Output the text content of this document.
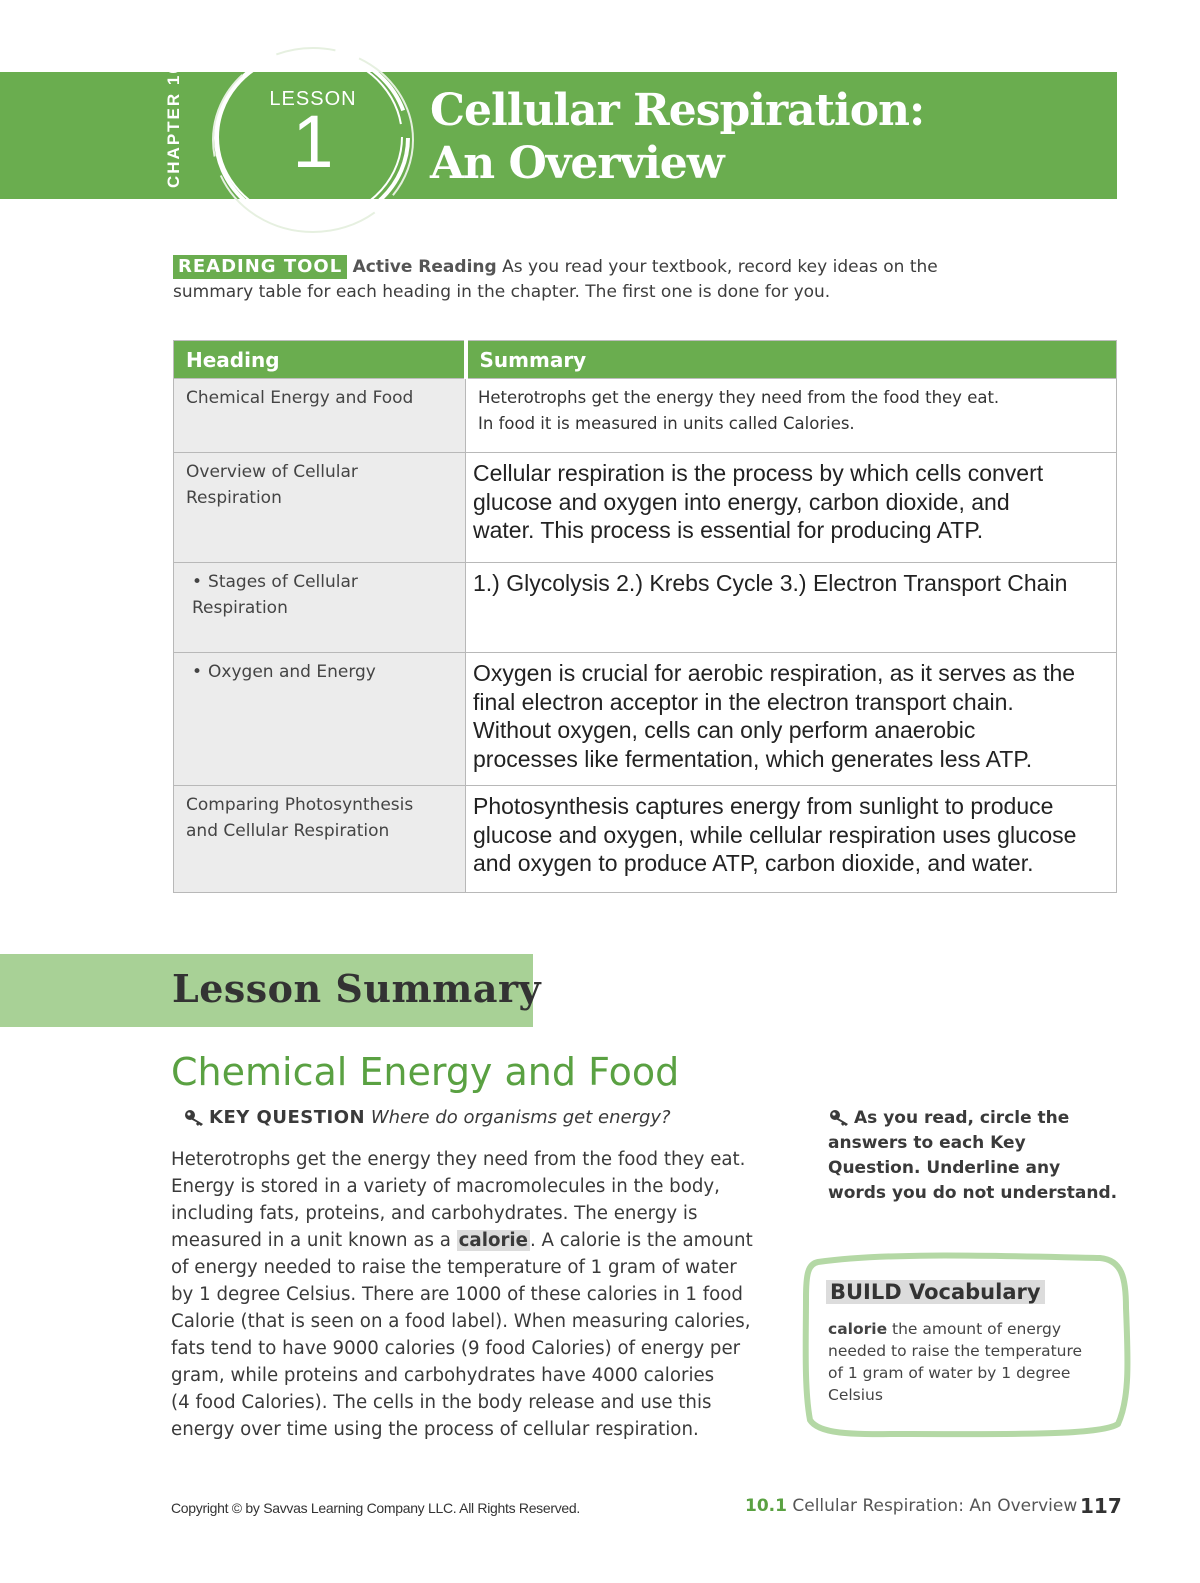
CHAPTER 10	LESSON
1	Cellular Respiration:
An Overview
READING TOOL Active Reading As you read your textbook, record key ideas on the
summary table for each heading in the chapter. The first one is done for you.
Heading	Summary
Chemical Energy and Food	Heterotrophs get the energy they need from the food they eat.
In food it is measured in units called Calories.

Overview of Cellular
Respiration	Cellular respiration is the process by which cells convert
glucose and oxygen into energy, carbon dioxide, and
water. This process is essential for producing ATP.

• Stages of Cellular Respiration	1.) Glycolysis 2.) Krebs Cycle 3.) Electron Transport Chain

• Oxygen and Energy	Oxygen is crucial for aerobic respiration, as it serves as the
final electron acceptor in the electron transport chain.
Without oxygen, cells can only perform anaerobic
processes like fermentation, which generates less ATP.

Comparing Photosynthesis
and Cellular Respiration	Photosynthesis captures energy from sunlight to produce
glucose and oxygen, while cellular respiration uses glucose
and oxygen to produce ATP, carbon dioxide, and water.
Lesson Summary
Chemical Energy and Food
KEY QUESTION Where do organisms get energy?
Heterotrophs get the energy they need from the food they eat.
Energy is stored in a variety of macromolecules in the body,
including fats, proteins, and carbohydrates. The energy is
measured in a unit known as a calorie . A calorie is the amount
of energy needed to raise the temperature of 1 gram of water
by 1 degree Celsius. There are 1000 of these calories in 1 food
Calorie (that is seen on a food label). When measuring calories,
fats tend to have 9000 calories (9 food Calories) of energy per
gram, while proteins and carbohydrates have 4000 calories
(4 food Calories). The cells in the body release and use this
energy over time using the process of cellular respiration.
As you read, circle the
answers to each Key
Question. Underline any
words you do not understand.
BUILD Vocabulary
calorie the amount of energy
needed to raise the temperature
of 1 gram of water by 1 degree
Celsius
Copyright © by Savvas Learning Company LLC. All Rights Reserved.	10.1 Cellular Respiration: An Overview 117
